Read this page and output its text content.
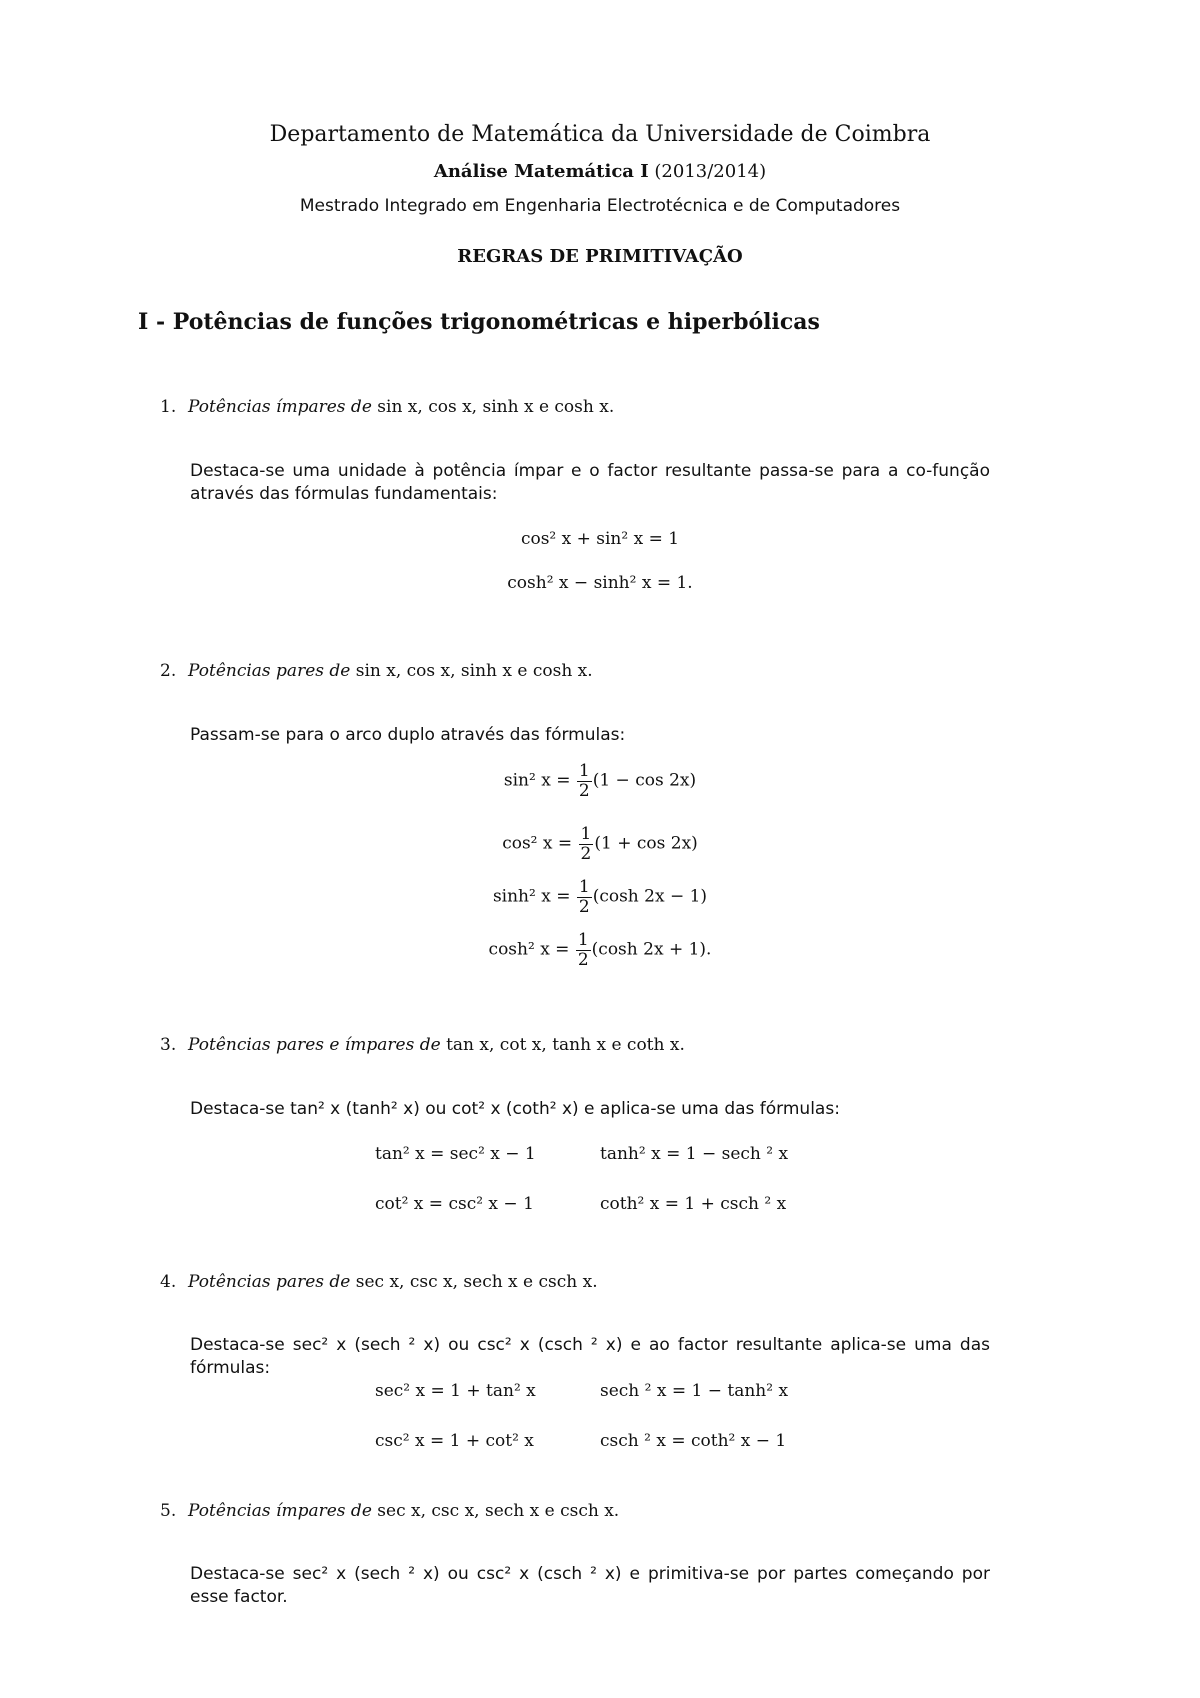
Departamento de Matemática da Universidade de Coimbra
Análise Matemática I (2013/2014)
Mestrado Integrado em Engenharia Electrotécnica e de Computadores
REGRAS DE PRIMITIVAÇÃO
I - Potências de funções trigonométricas e hiperbólicas
1. Potências ímpares de sin x, cos x, sinh x e cosh x.
Destaca-se uma unidade à potência ímpar e o factor resultante passa-se para a co-função através das fórmulas fundamentais:
cos² x + sin² x = 1
cosh² x − sinh² x = 1.
2. Potências pares de sin x, cos x, sinh x e cosh x.
Passam-se para o arco duplo através das fórmulas:
sin² $x = \frac{1}{2} (1 - \cos 2x)$
cos² $x = \frac{1}{2} (1 + \cos 2x)$
sinh² $x = \frac{1}{2} (\cosh$ 2x − 1)
cosh² $x = \frac{1}{2} (\cosh$ 2x + 1).
3. Potências pares e ímpares de tan x, cot x, tanh x e coth x.
Destaca-se tan² x (tanh² x) ou cot² x (coth² x) e aplica-se uma das fórmulas:
tan² x = sec² x − 1	tanh² x = 1 − sech ² x
cot² x = csc² x − 1	coth² x = 1 + csch ² x
4. Potências pares de sec x, csc x, sech x e csch x.
Destaca-se sec² x (sech ² x) ou csc² x (csch ² x) e ao factor resultante aplica-se uma das fórmulas:
sec² x = 1 + tan² x	sech ² x = 1 − tanh² x
csc² x = 1 + cot² x	csch ² x = coth² x − 1
5. Potências ímpares de sec x, csc x, sech x e csch x.
Destaca-se sec² x (sech ² x) ou csc² x (csch ² x) e primitiva-se por partes começando por esse factor.
